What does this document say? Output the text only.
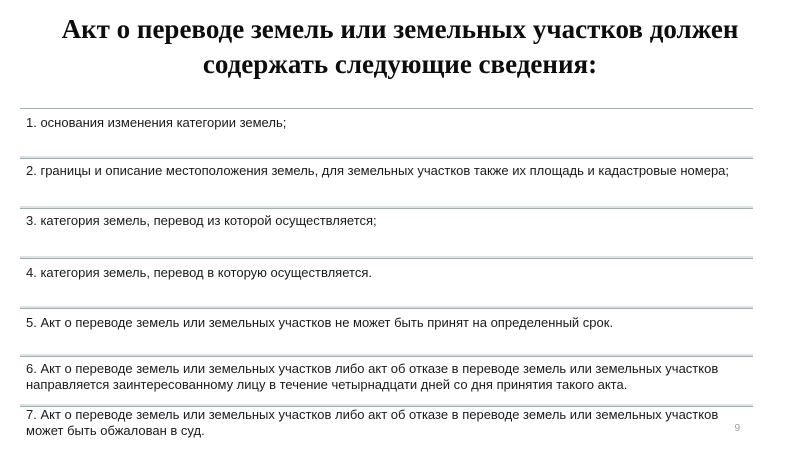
Акт о переводе земель или земельных участков должен содержать следующие сведения:
1. основания изменения категории земель;
2. границы и описание местоположения земель, для земельных участков также их площадь и кадастровые номера;
3. категория земель, перевод из которой осуществляется;
4. категория земель, перевод в которую осуществляется.
5. Акт о переводе земель или земельных участков не может быть принят на определенный срок.
6. Акт о переводе земель или земельных участков либо акт об отказе в переводе земель или земельных участков направляется заинтересованному лицу в течение четырнадцати дней со дня принятия такого акта.
7. Акт о переводе земель или земельных участков либо акт об отказе в переводе земель или земельных участков может быть обжалован в суд.	9
